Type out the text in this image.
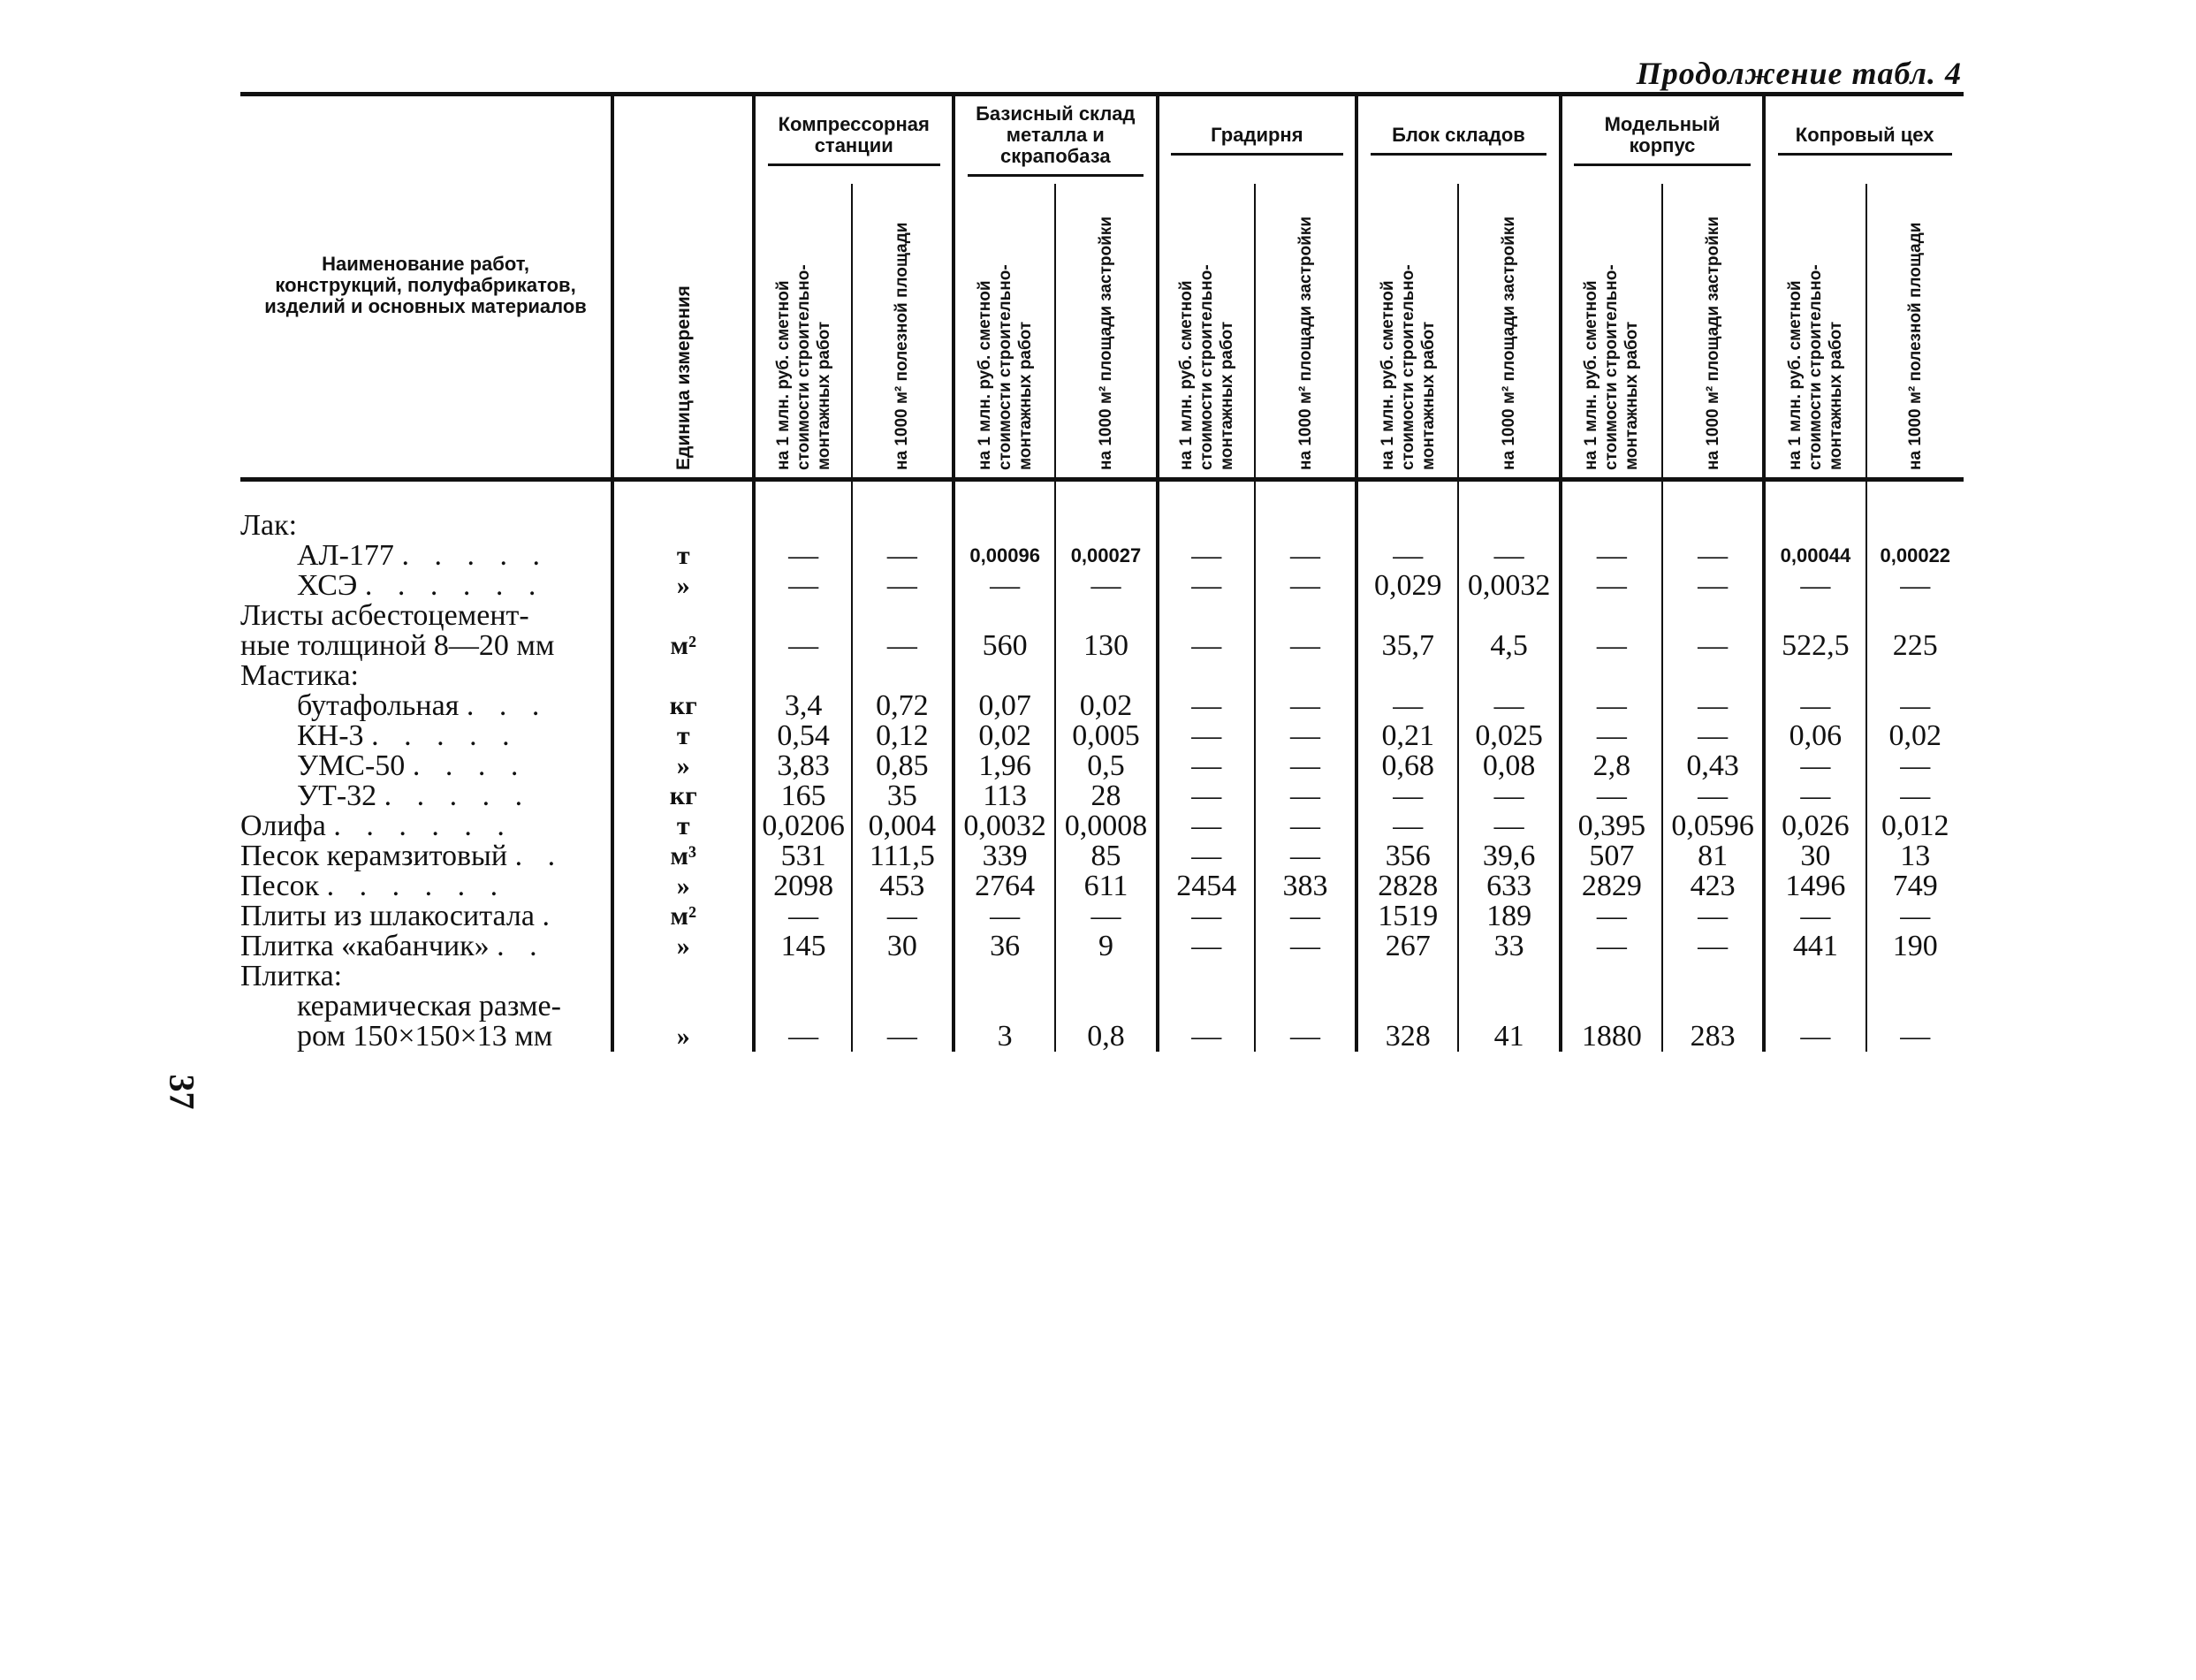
Продолжение табл. 4
37
Наименование работ, конструкций, полуфабрикатов, изделий и основных материалов	Единица измерения	Компрессорная станции		Базисный склад металла и скрапобаза		Градирня		Блок складов		Модельный корпус		Копровый цех	

		на 1 млн. руб. сметной стоимости строительно-монтажных работ	на 1000 м² полезной площади	на 1 млн. руб. сметной стоимости строительно-монтажных работ	на 1000 м² площади застройки	на 1 млн. руб. сметной стоимости строительно-монтажных работ	на 1000 м² площади застройки	на 1 млн. руб. сметной стоимости строительно-монтажных работ	на 1000 м² площади застройки	на 1 млн. руб. сметной стоимости строительно-монтажных работ	на 1000 м² площади застройки	на 1 млн. руб. сметной стоимости строительно-монтажных работ	на 1000 м² полезной площади

Лак:													
АЛ-177 . . . . .	т	—	—	0,00096	0,00027	—	—	—	—	—	—	0,00044	0,00022
ХСЭ . . . . . .	»	—	—	—	—	—	—	0,029	0,0032	—	—	—	—
Листы асбестоцемент-													
ные толщиной 8—20 мм	м²	—	—	560	130	—	—	35,7	4,5	—	—	522,5	225
Мастика:													
бутафольная . . .	кг	3,4	0,72	0,07	0,02	—	—	—	—	—	—	—	—
КН-3 . . . . .	т	0,54	0,12	0,02	0,005	—	—	0,21	0,025	—	—	0,06	0,02
УМС-50 . . . .	»	3,83	0,85	1,96	0,5	—	—	0,68	0,08	2,8	0,43	—	—
УТ-32 . . . . .	кг	165	35	113	28	—	—	—	—	—	—	—	—
Олифа . . . . . .	т	0,0206	0,004	0,0032	0,0008	—	—	—	—	0,395	0,0596	0,026	0,012
Песок керамзитовый . .	м³	531	111,5	339	85	—	—	356	39,6	507	81	30	13
Песок . . . . . .	»	2098	453	2764	611	2454	383	2828	633	2829	423	1496	749
Плиты из шлакоситала .	м²	—	—	—	—	—	—	1519	189	—	—	—	—
Плитка «кабанчик» . .	»	145	30	36	9	—	—	267	33	—	—	441	190
Плитка:													
керамическая разме-													
ром 150×150×13 мм	»	—	—	3	0,8	—	—	328	41	1880	283	—	—
